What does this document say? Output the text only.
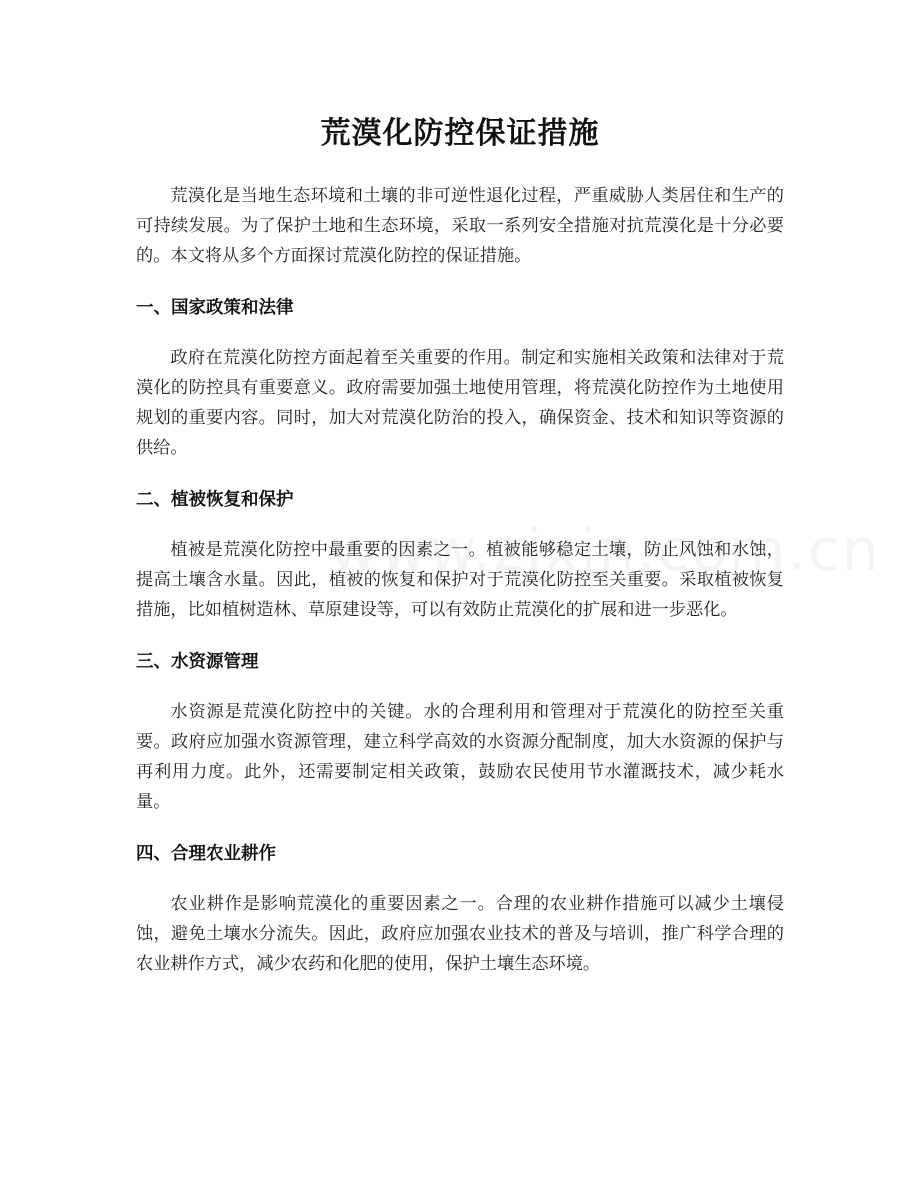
荒漠化防控保证措施

荒漠化是当地生态环境和土壤的非可逆性退化过程，严重威胁人类居住和生产的可持续发展。为了保护土地和生态环境，采取一系列安全措施对抗荒漠化是十分必要的。本文将从多个方面探讨荒漠化防控的保证措施。

一、国家政策和法律

政府在荒漠化防控方面起着至关重要的作用。制定和实施相关政策和法律对于荒漠化的防控具有重要意义。政府需要加强土地使用管理，将荒漠化防控作为土地使用规划的重要内容。同时，加大对荒漠化防治的投入，确保资金、技术和知识等资源的供给。

二、植被恢复和保护

植被是荒漠化防控中最重要的因素之一。植被能够稳定土壤，防止风蚀和水蚀，提高土壤含水量。因此，植被的恢复和保护对于荒漠化防控至关重要。采取植被恢复措施，比如植树造林、草原建设等，可以有效防止荒漠化的扩展和进一步恶化。

三、水资源管理

水资源是荒漠化防控中的关键。水的合理利用和管理对于荒漠化的防控至关重要。政府应加强水资源管理，建立科学高效的水资源分配制度，加大水资源的保护与再利用力度。此外，还需要制定相关政策，鼓励农民使用节水灌溉技术，减少耗水量。

四、合理农业耕作

农业耕作是影响荒漠化的重要因素之一。合理的农业耕作措施可以减少土壤侵蚀，避免土壤水分流失。因此，政府应加强农业技术的普及与培训，推广科学合理的农业耕作方式，减少农药和化肥的使用，保护土壤生态环境。
